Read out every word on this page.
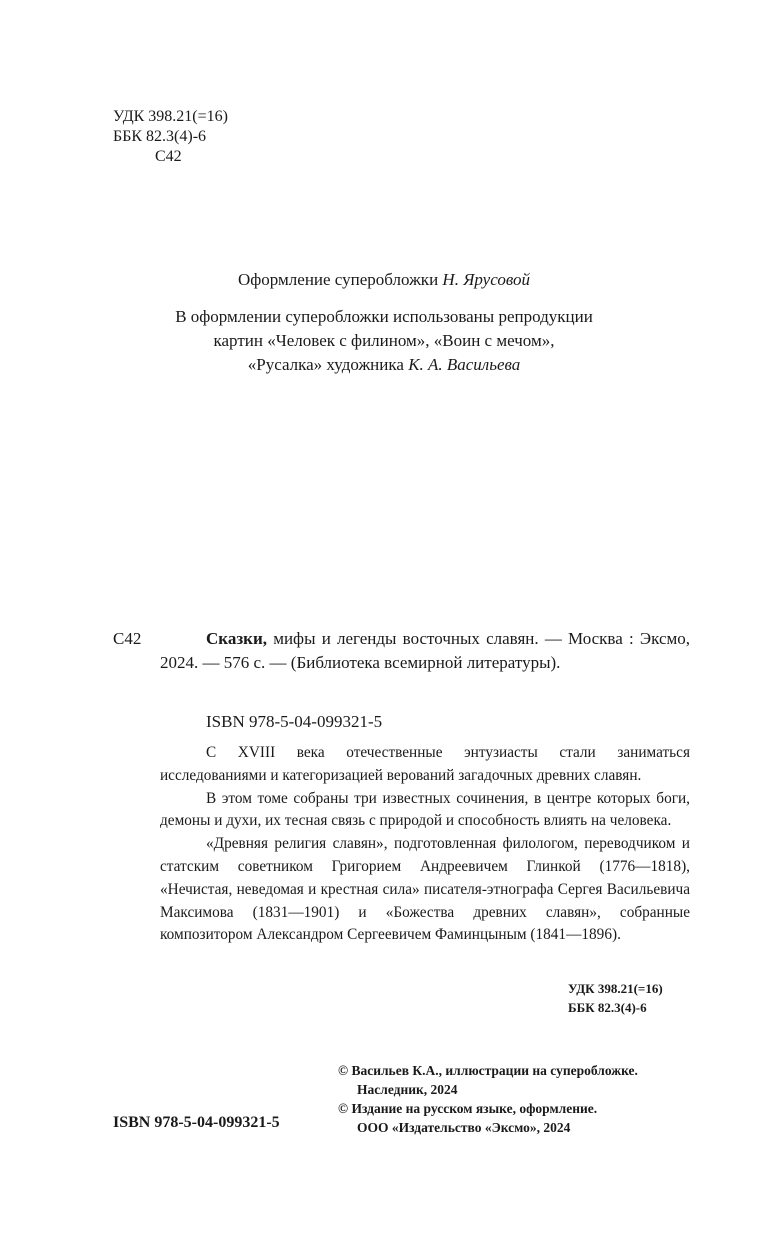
УДК 398.21(=16)
ББК 82.3(4)-6
С42
Оформление суперобложки Н. Ярусовой
В оформлении суперобложки использованы репродукции
картин «Человек с филином», «Воин с мечом»,
«Русалка» художника К. А. Васильева
С42	Сказки, мифы и легенды восточных славян. — Москва : Эксмо, 2024. — 576 с. — (Библиотека всемирной литературы).
ISBN 978-5-04-099321-5

С XVIII века отечественные энтузиасты стали заниматься исследованиями и категоризацией верований загадочных древних славян.

В этом томе собраны три известных сочинения, в центре которых боги, демоны и духи, их тесная связь с природой и способность влиять на человека.

«Древняя религия славян», подготовленная филологом, переводчиком и статским советником Григорием Андреевичем Глинкой (1776—1818), «Нечистая, неведомая и крестная сила» писателя-этнографа Сергея Васильевича Максимова (1831—1901) и «Божества древних славян», собранные композитором Александром Сергеевичем Фаминцыным (1841—1896).

УДК 398.21(=16)
ББК 82.3(4)-6
© Васильев К.А., иллюстрации на суперобложке.
Наследник, 2024
© Издание на русском языке, оформление.
ООО «Издательство «Эксмо», 2024
ISBN 978-5-04-099321-5
